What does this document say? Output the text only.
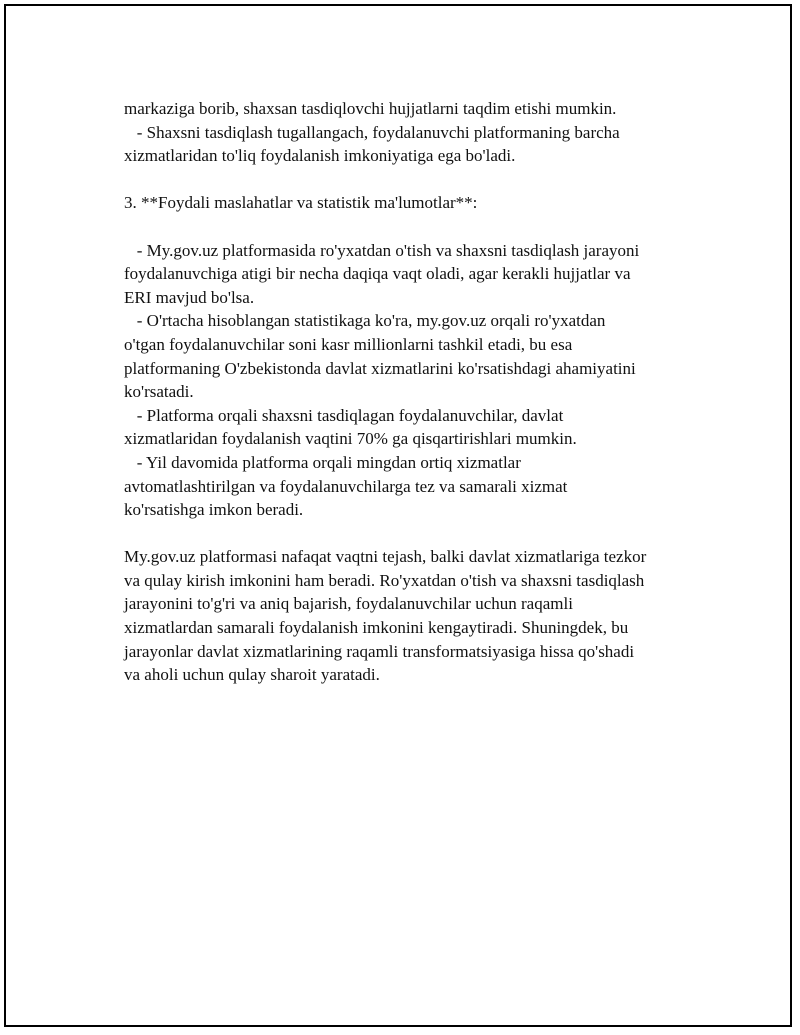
markaziga borib, shaxsan tasdiqlovchi hujjatlarni taqdim etishi mumkin.
- Shaxsni tasdiqlash tugallangach, foydalanuvchi platformaning barcha
xizmatlaridan to'liq foydalanish imkoniyatiga ega bo'ladi.
3. **Foydali maslahatlar va statistik ma'lumotlar**:
- My.gov.uz platformasida ro'yxatdan o'tish va shaxsni tasdiqlash jarayoni
foydalanuvchiga atigi bir necha daqiqa vaqt oladi, agar kerakli hujjatlar va
ERI mavjud bo'lsa.
- O'rtacha hisoblangan statistikaga ko'ra, my.gov.uz orqali ro'yxatdan
o'tgan foydalanuvchilar soni kasr millionlarni tashkil etadi, bu esa
platformaning O'zbekistonda davlat xizmatlarini ko'rsatishdagi ahamiyatini
ko'rsatadi.
- Platforma orqali shaxsni tasdiqlagan foydalanuvchilar, davlat
xizmatlaridan foydalanish vaqtini 70% ga qisqartirishlari mumkin.
- Yil davomida platforma orqali mingdan ortiq xizmatlar
avtomatlashtirilgan va foydalanuvchilarga tez va samarali xizmat
ko'rsatishga imkon beradi.
My.gov.uz platformasi nafaqat vaqtni tejash, balki davlat xizmatlariga tezkor
va qulay kirish imkonini ham beradi. Ro'yxatdan o'tish va shaxsni tasdiqlash
jarayonini to'g'ri va aniq bajarish, foydalanuvchilar uchun raqamli
xizmatlardan samarali foydalanish imkonini kengaytiradi. Shuningdek, bu
jarayonlar davlat xizmatlarining raqamli transformatsiyasiga hissa qo'shadi
va aholi uchun qulay sharoit yaratadi.
